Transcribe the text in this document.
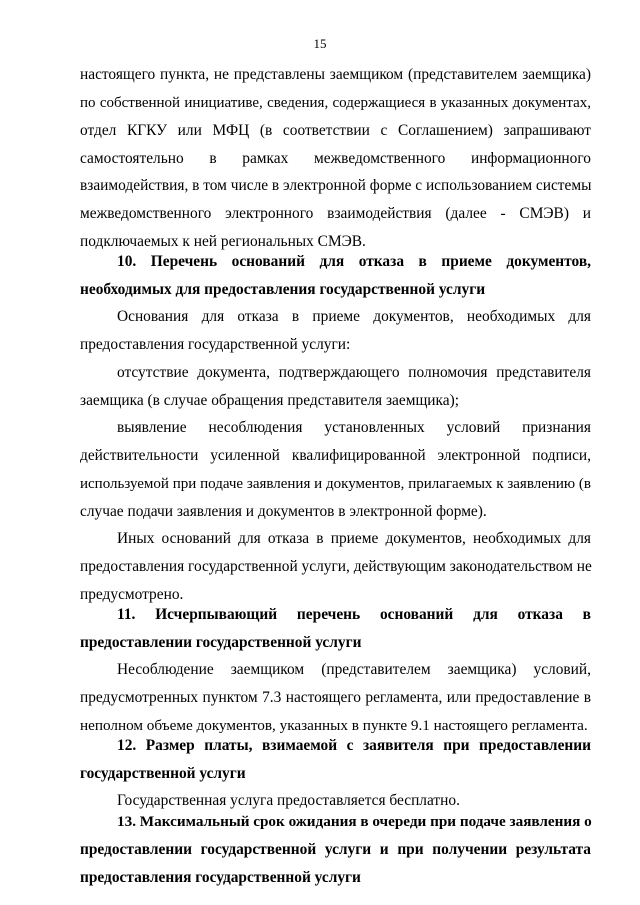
15
настоящего пункта, не представлены заемщиком (представителем заемщика)
по собственной инициативе, сведения, содержащиеся в указанных документах,
отдел КГКУ или МФЦ (в соответствии с Соглашением) запрашивают
самостоятельно в рамках межведомственного информационного
взаимодействия, в том числе в электронной форме с использованием системы
межведомственного электронного взаимодействия (далее - СМЭВ) и
подключаемых к ней региональных СМЭВ.
10. Перечень оснований для отказа в приеме документов,
необходимых для предоставления государственной услуги
Основания для отказа в приеме документов, необходимых для
предоставления государственной услуги:
отсутствие документа, подтверждающего полномочия представителя
заемщика (в случае обращения представителя заемщика);
выявление несоблюдения установленных условий признания
действительности усиленной квалифицированной электронной подписи,
используемой при подаче заявления и документов, прилагаемых к заявлению (в
случае подачи заявления и документов в электронной форме).
Иных оснований для отказа в приеме документов, необходимых для
предоставления государственной услуги, действующим законодательством не
предусмотрено.
11. Исчерпывающий перечень оснований для отказа в
предоставлении государственной услуги
Несоблюдение заемщиком (представителем заемщика) условий,
предусмотренных пунктом 7.3 настоящего регламента, или предоставление в
неполном объеме документов, указанных в пункте 9.1 настоящего регламента.
12. Размер платы, взимаемой с заявителя при предоставлении
государственной услуги
Государственная услуга предоставляется бесплатно.
13. Максимальный срок ожидания в очереди при подаче заявления о
предоставлении государственной услуги и при получении результата
предоставления государственной услуги
